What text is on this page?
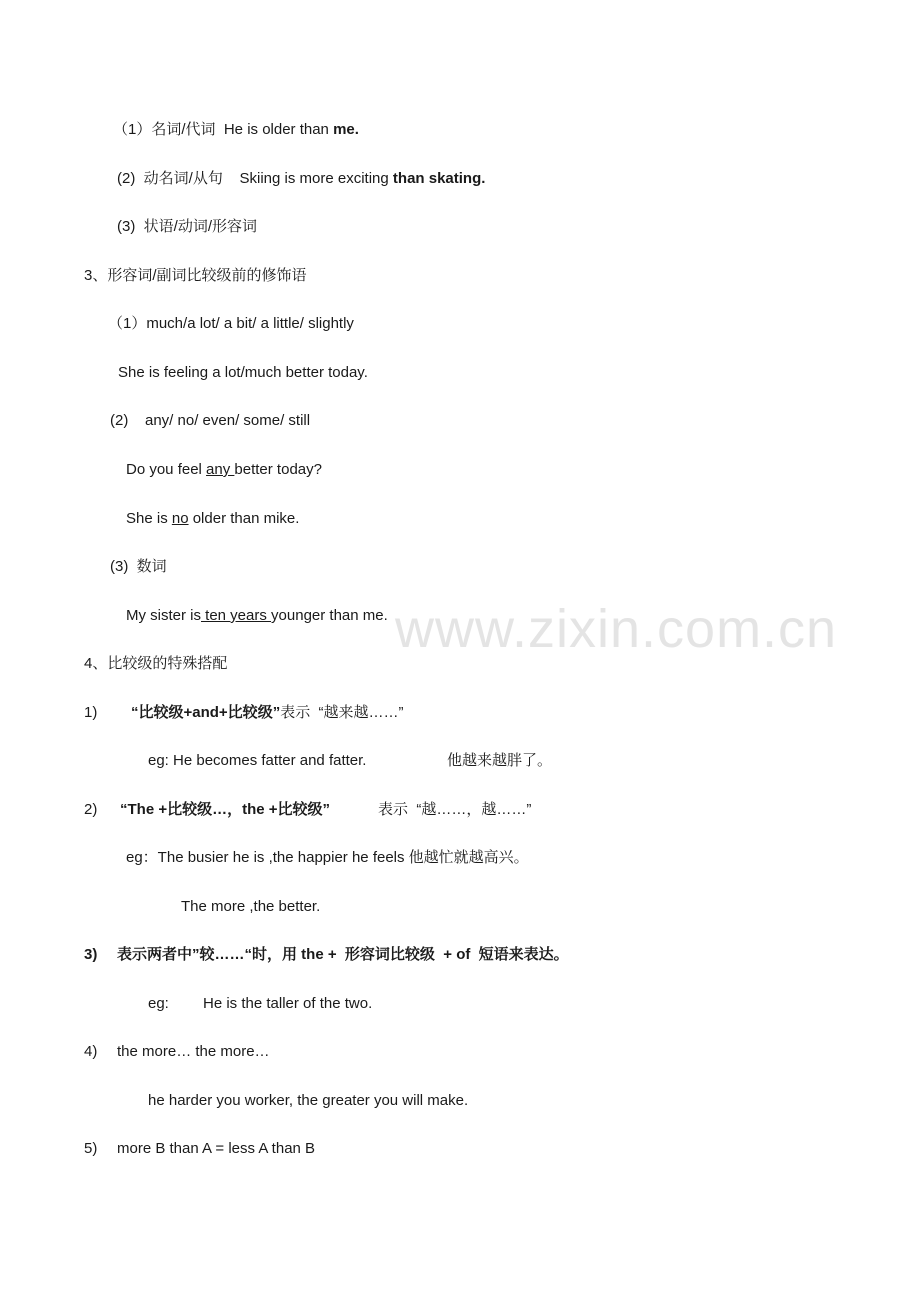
www.zixin.com.cn
（1）名词/代词  He is older than me.
(2)  动名词/从句    Skiing is more exciting than skating.
(3)  状语/动词/形容词
3、形容词/副词比较级前的修饰语
（1）much/a lot/ a bit/ a little/ slightly
She is feeling a lot/much better today.
(2)    any/ no/ even/ some/ still
Do you feel any better today?
She is no older than mike.
(3)  数词
My sister is ten years younger than me.
4、比较级的特殊搭配
1) “比较级+and+比较级”表示  “越来越……”
eg: He becomes fatter and fatter.	他越来越胖了。
2) “The +比较级…，the +比较级”	表示  “越……，越……”
eg：The busier he is ,the happier he feels 他越忙就越高兴。
The more ,the better.
3) 表示两者中”较……“时，用 the +  形容词比较级  + of  短语来表达。
eg: He is the taller of the two.
4) the more… the more…
he harder you worker, the greater you will make.
5) more B than A = less A than B
